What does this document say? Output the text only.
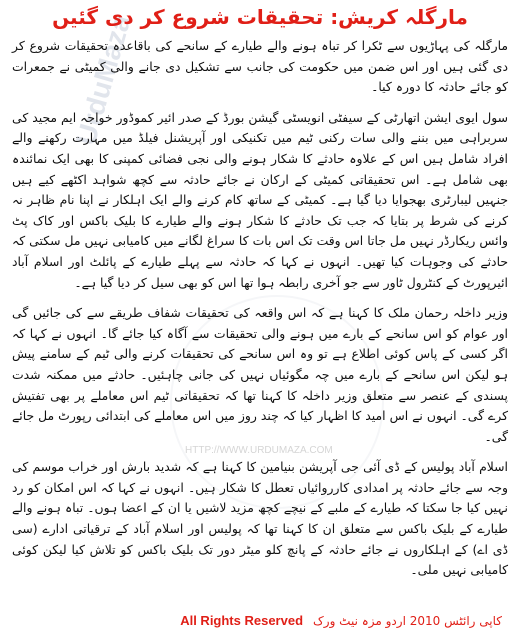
UrduMaza
HTTP://WWW.URDUMAZA.COM
مارگلہ کریش: تحقیقات شروع کر دی گئیں

مارگلہ کی پہاڑیوں سے ٹکرا کر تباہ ہونے والے طیارے کے سانحے کی باقاعدہ تحقیقات شروع کر دی گئی ہیں اور اس ضمن میں حکومت کی جانب سے تشکیل دی جانے والی کمیٹی نے جمعرات کو جائے حادثہ کا دورہ کیا۔

سول ایوی ایشن اتھارٹی کے سیفٹی انویسٹی گیشن بورڈ کے صدر ائیر کموڈور خواجہ ایم مجید کی سربراہی میں بننے والی سات رکنی ٹیم میں تکنیکی اور آپریشنل فیلڈ میں مہارت رکھنے والے افراد شامل ہیں اس کے علاوہ حادثے کا شکار ہونے والی نجی فضائی کمپنی کا بھی ایک نمائندہ بھی شامل ہے۔ اس تحقیقاتی کمیٹی کے ارکان نے جائے حادثہ سے کچھ شواہد اکٹھے کیے ہیں جنہیں لیبارٹری بھجوایا دیا گیا ہے۔ کمیٹی کے ساتھ کام کرنے والے ایک اہلکار نے اپنا نام ظاہر نہ کرنے کی شرط پر بتایا کہ جب تک حادثے کا شکار ہونے والے طیارے کا بلیک باکس اور کاک پٹ وائس ریکارڈر نہیں مل جاتا اس وقت تک اس بات کا سراغ لگانے میں کامیابی نہیں مل سکتی کہ حادثے کی وجوہات کیا تھیں۔ انہوں نے کہا کہ حادثہ سے پہلے طیارے کے پائلٹ اور اسلام آباد ائیرپورٹ کے کنٹرول ٹاور سے جو آخری رابطہ ہوا تھا اس کو بھی سیل کر دیا گیا ہے۔

وزیر داخلہ رحمان ملک کا کہنا ہے کہ اس واقعہ کی تحقیقات شفاف طریقے سے کی جائیں گی اور عوام کو اس سانحے کے بارے میں ہونے والی تحقیقات سے آگاہ کیا جائے گا۔ انہوں نے کہا کہ اگر کسی کے پاس کوئی اطلاع ہے تو وہ اس سانحے کی تحقیقات کرنے والی ٹیم کے سامنے پیش ہو لیکن اس سانحے کے بارے میں چہ مگوئیاں نہیں کی جانی چاہئیں۔ حادثے میں ممکنہ شدت پسندی کے عنصر سے متعلق وزیر داخلہ کا کہنا تھا کہ تحقیقاتی ٹیم اس معاملے پر بھی تفتیش کرے گی۔ انہوں نے اس امید کا اظہار کیا کہ چند روز میں اس معاملے کی ابتدائی رپورٹ مل جائے گی۔

اسلام آباد پولیس کے ڈی آئی جی آپریشن بنیامین کا کہنا ہے کہ شدید بارش اور خراب موسم کی وجہ سے جائے حادثہ پر امدادی کارروائیاں تعطل کا شکار ہیں۔ انہوں نے کہا کہ اس امکان کو رد نہیں کیا جا سکتا کہ طیارے کے ملبے کے نیچے کچھ مزید لاشیں یا ان کے اعضا ہوں۔ تباہ ہونے والے طیارے کے بلیک باکس سے متعلق ان کا کہنا تھا کہ پولیس اور اسلام آباد کے ترقیاتی ادارے (سی ڈی اے) کے اہلکاروں نے جائے حادثہ کے پانچ کلو میٹر دور تک بلیک باکس کو تلاش کیا لیکن کوئی کامیابی نہیں ملی۔

کاپی رائٹس 2010 اردو مزہ نیٹ ورک
All Rights Reserved
